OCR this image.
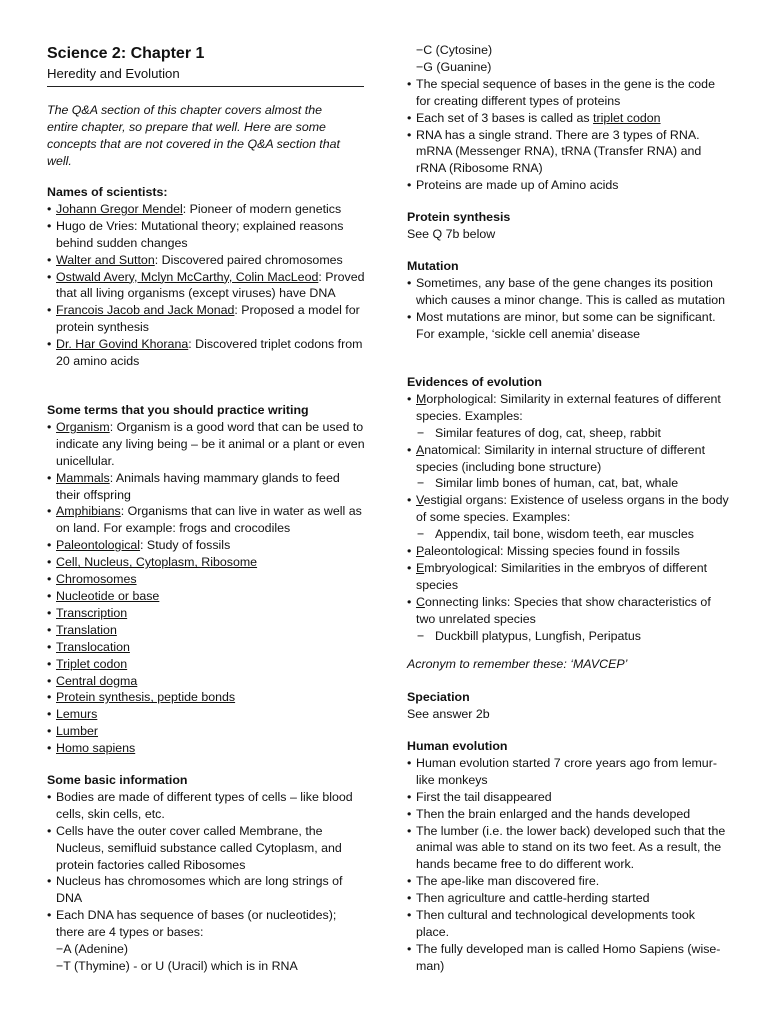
Science 2: Chapter 1
Heredity and Evolution
The Q&A section of this chapter covers almost the entire chapter, so prepare that well. Here are some concepts that are not covered in the Q&A section that well.
Names of scientists:
• Johann Gregor Mendel: Pioneer of modern genetics
• Hugo de Vries: Mutational theory; explained reasons behind sudden changes
• Walter and Sutton: Discovered paired chromosomes
• Ostwald Avery, Mclyn McCarthy, Colin MacLeod: Proved that all living organisms (except viruses) have DNA
• Francois Jacob and Jack Monad: Proposed a model for protein synthesis
• Dr. Har Govind Khorana: Discovered triplet codons from 20 amino acids
Some terms that you should practice writing
• Organism: Organism is a good word that can be used to indicate any living being – be it animal or a plant or even unicellular.
• Mammals: Animals having mammary glands to feed their offspring
• Amphibians: Organisms that can live in water as well as on land. For example: frogs and crocodiles
• Paleontological: Study of fossils
• Cell, Nucleus, Cytoplasm, Ribosome
• Chromosomes
• Nucleotide or base
• Transcription
• Translation
• Translocation
• Triplet codon
• Central dogma
• Protein synthesis, peptide bonds
• Lemurs
• Lumber
• Homo sapiens
Some basic information
• Bodies are made of different types of cells – like blood cells, skin cells, etc.
• Cells have the outer cover called Membrane, the Nucleus, semifluid substance called Cytoplasm, and protein factories called Ribosomes
• Nucleus has chromosomes which are long strings of DNA
• Each DNA has sequence of bases (or nucleotides); there are 4 types or bases:
−A (Adenine)
−T (Thymine) - or U (Uracil) which is in RNA
−C (Cytosine)
−G (Guanine)
• The special sequence of bases in the gene is the code for creating different types of proteins
• Each set of 3 bases is called as triplet codon
• RNA has a single strand. There are 3 types of RNA. mRNA (Messenger RNA), tRNA (Transfer RNA) and rRNA (Ribosome RNA)
• Proteins are made up of Amino acids
Protein synthesis
See Q 7b below
Mutation
• Sometimes, any base of the gene changes its position which causes a minor change. This is called as mutation
• Most mutations are minor, but some can be significant. For example, ‘sickle cell anemia’ disease
Evidences of evolution
• Morphological: Similarity in external features of different species. Examples:
− Similar features of dog, cat, sheep, rabbit
• Anatomical: Similarity in internal structure of different species (including bone structure)
− Similar limb bones of human, cat, bat, whale
• Vestigial organs: Existence of useless organs in the body of some species. Examples:
− Appendix, tail bone, wisdom teeth, ear muscles
• Paleontological: Missing species found in fossils
• Embryological: Similarities in the embryos of different species
• Connecting links: Species that show characteristics of two unrelated species
− Duckbill platypus, Lungfish, Peripatus
Acronym to remember these: ‘MAVCEP’
Speciation
See answer 2b
Human evolution
• Human evolution started 7 crore years ago from lemur-like monkeys
• First the tail disappeared
• Then the brain enlarged and the hands developed
• The lumber (i.e. the lower back) developed such that the animal was able to stand on its two feet. As a result, the hands became free to do different work.
• The ape-like man discovered fire.
• Then agriculture and cattle-herding started
• Then cultural and technological developments took place.
• The fully developed man is called Homo Sapiens (wise-man)
